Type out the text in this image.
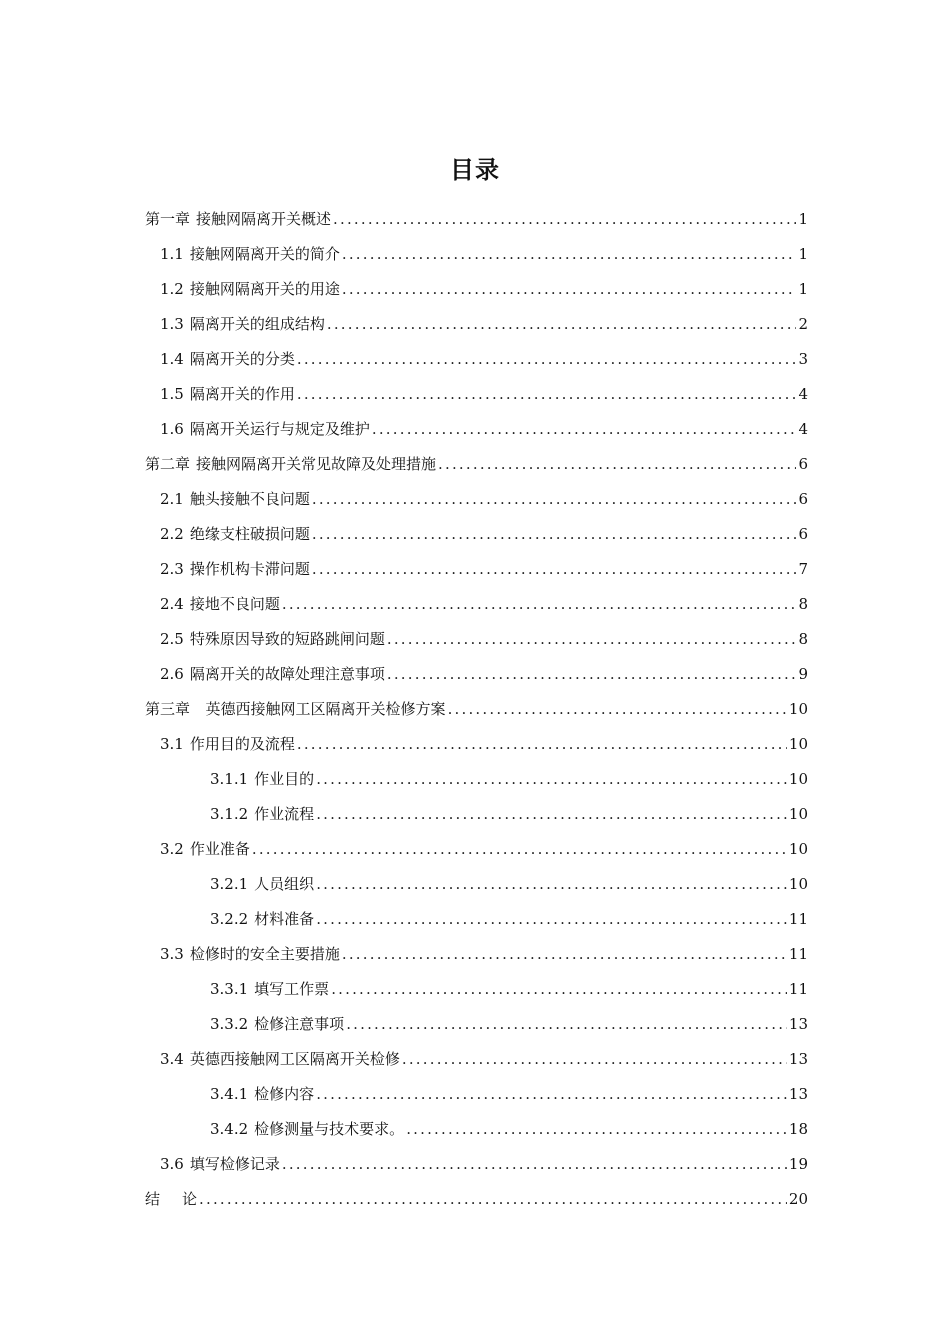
目录
第一章 接触网隔离开关概述 .....	1
1.1 接触网隔离开关的简介 .....	1
1.2 接触网隔离开关的用途 .....	1
1.3 隔离开关的组成结构 .....	2
1.4 隔离开关的分类 .....	3
1.5 隔离开关的作用 .....	4
1.6 隔离开关运行与规定及维护 .....	4
第二章 接触网隔离开关常见故障及处理措施 .....	6
2.1 触头接触不良问题 .....	6
2.2 绝缘支柱破损问题 .....	6
2.3 操作机构卡滞问题 .....	7
2.4 接地不良问题 .....	8
2.5 特殊原因导致的短路跳闸问题 .....	8
2.6 隔离开关的故障处理注意事项 .....	9
第三章 英德西接触网工区隔离开关检修方案 .....	10
3.1 作用目的及流程 .....	10
3.1.1 作业目的 .....	10
3.1.2 作业流程 .....	10
3.2 作业准备 .....	10
3.2.1 人员组织 .....	10
3.2.2 材料准备 .....	11
3.3 检修时的安全主要措施 .....	11
3.3.1 填写工作票 .....	11
3.3.2 检修注意事项 .....	13
3.4 英德西接触网工区隔离开关检修 .....	13
3.4.1 检修内容 .....	13
3.4.2 检修测量与技术要求。 .....	18
3.6 填写检修记录 .....	19
结 论 .....	20
